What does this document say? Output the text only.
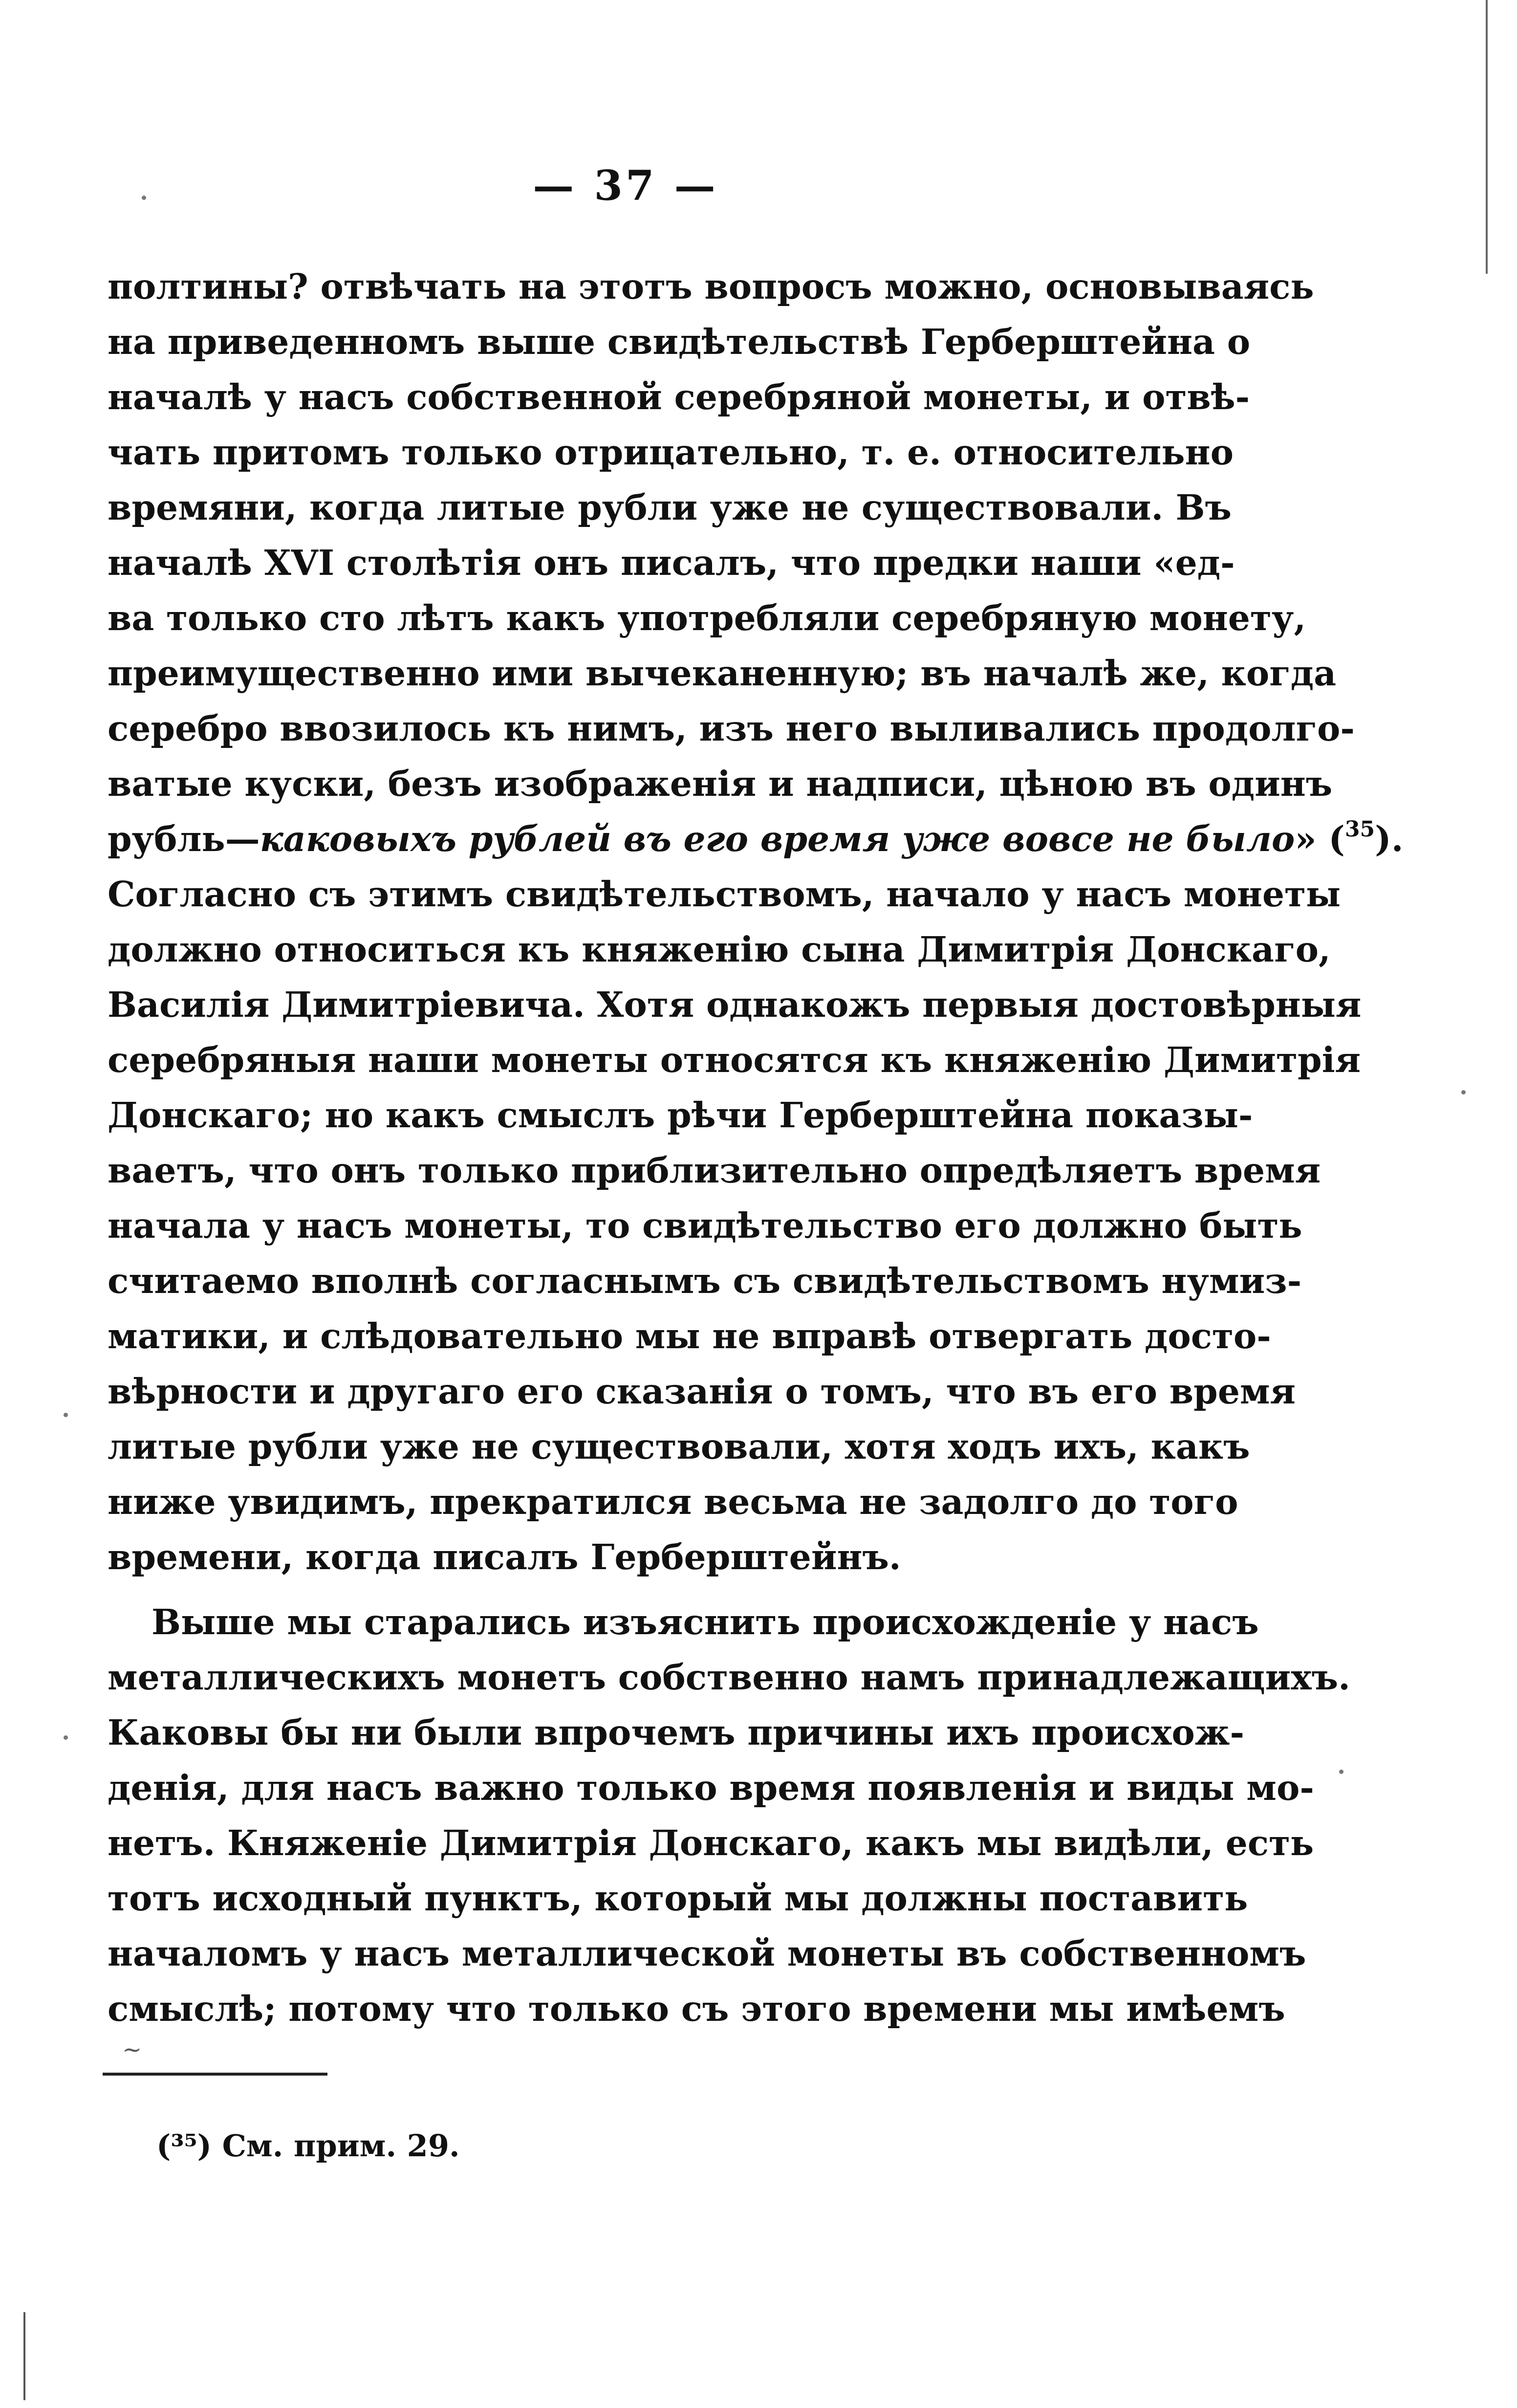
— 37 —
полтины? отвѣчать на этотъ вопросъ можно, основываясь
на приведенномъ выше свидѣтельствѣ Герберштейна о
началѣ у насъ собственной серебряной монеты, и отвѣ-
чать притомъ только отрицательно, т. е. относительно
времяни, когда литые рубли уже не существовали. Въ
началѣ XVI столѣтія онъ писалъ, что предки наши «ед-
ва только сто лѣтъ какъ употребляли серебряную монету,
преимущественно ими вычеканенную; въ началѣ же, когда
серебро ввозилось къ нимъ, изъ него выливались продолго-
ватые куски, безъ изображенія и надписи, цѣною въ одинъ
рубль—каковыхъ рублей въ его время уже вовсе не было» ($^{35}$).
Согласно съ этимъ свидѣтельствомъ, начало у насъ монеты
должно относиться къ княженію сына Димитрія Донскаго,
Василія Димитріевича. Хотя однакожъ первыя достовѣрныя
серебряныя наши монеты относятся къ княженію Димитрія
Донскаго; но какъ смыслъ рѣчи Герберштейна показы-
ваетъ, что онъ только приблизительно опредѣляетъ время
начала у насъ монеты, то свидѣтельство его должно быть
считаемо вполнѣ согласнымъ съ свидѣтельствомъ нумиз-
матики, и слѣдовательно мы не вправѣ отвергать досто-
вѣрности и другаго его сказанія о томъ, что въ его время
литые рубли уже не существовали, хотя ходъ ихъ, какъ
ниже увидимъ, прекратился весьма не задолго до того
времени, когда писалъ Герберштейнъ.
Выше мы старались изъяснить происхожденіе у насъ
металлическихъ монетъ собственно намъ принадлежащихъ.
Каковы бы ни были впрочемъ причины ихъ происхож-
денія, для насъ важно только время появленія и виды мо-
нетъ. Княженіе Димитрія Донскаго, какъ мы видѣли, есть
тотъ исходный пунктъ, который мы должны поставить
началомъ у насъ металлической монеты въ собственномъ
смыслѣ; потому что только съ этого времени мы имѣемъ
~
(³⁵) См. прим. 29.
